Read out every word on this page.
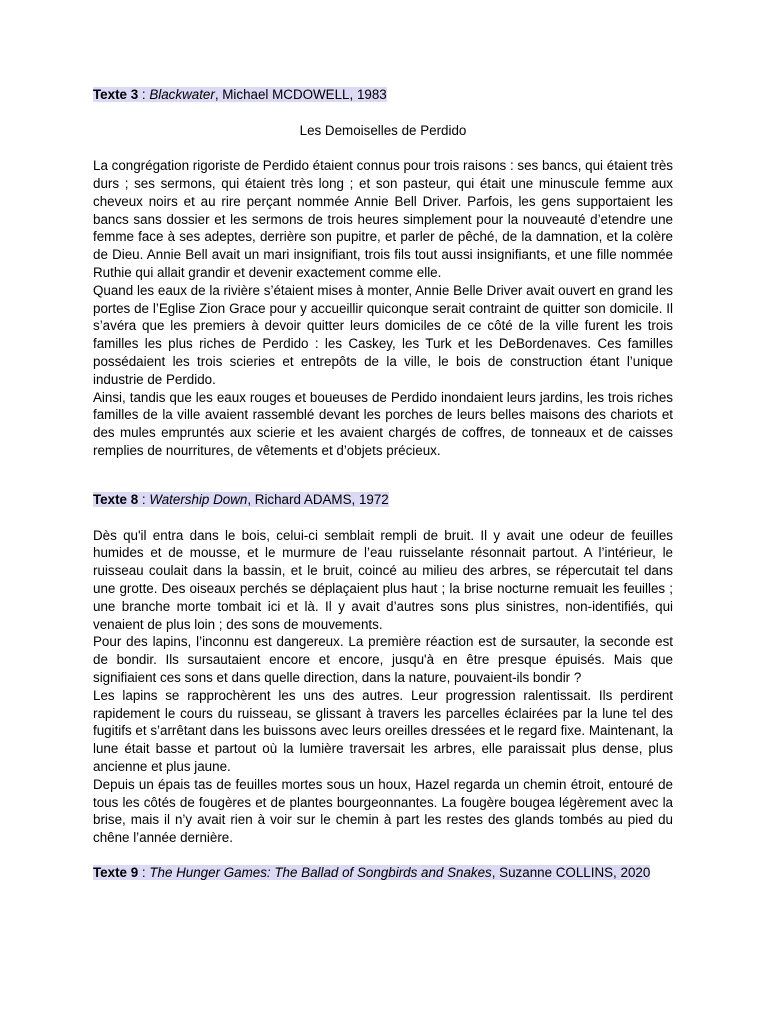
Texte 3 : Blackwater, Michael MCDOWELL, 1983

Les Demoiselles de Perdido

La congrégation rigoriste de Perdido étaient connus pour trois raisons : ses bancs, qui étaient très durs ; ses sermons, qui étaient très long ; et son pasteur, qui était une minuscule femme aux cheveux noirs et au rire perçant nommée Annie Bell Driver. Parfois, les gens supportaient les bancs sans dossier et les sermons de trois heures simplement pour la nouveauté d’etendre une femme face à ses adeptes, derrière son pupitre, et parler de pêché, de la damnation, et la colère de Dieu. Annie Bell avait un mari insignifiant, trois fils tout aussi insignifiants, et une fille nommée Ruthie qui allait grandir et devenir exactement comme elle.

Quand les eaux de la rivière s’étaient mises à monter, Annie Belle Driver avait ouvert en grand les portes de l’Eglise Zion Grace pour y accueillir quiconque serait contraint de quitter son domicile. Il s’avéra que les premiers à devoir quitter leurs domiciles de ce côté de la ville furent les trois familles les plus riches de Perdido : les Caskey, les Turk et les DeBordenaves. Ces familles possédaient les trois scieries et entrepôts de la ville, le bois de construction étant l’unique industrie de Perdido.

Ainsi, tandis que les eaux rouges et boueuses de Perdido inondaient leurs jardins, les trois riches familles de la ville avaient rassemblé devant les porches de leurs belles maisons des chariots et des mules empruntés aux scierie et les avaient chargés de coffres, de tonneaux et de caisses remplies de nourritures, de vêtements et d’objets précieux.

Texte 8 : Watership Down, Richard ADAMS, 1972

Dès qu'il entra dans le bois, celui-ci semblait rempli de bruit. Il y avait une odeur de feuilles humides et de mousse, et le murmure de l’eau ruisselante résonnait partout. A l’intérieur, le ruisseau coulait dans la bassin, et le bruit, coincé au milieu des arbres, se répercutait tel dans une grotte. Des oiseaux perchés se déplaçaient plus haut ; la brise nocturne remuait les feuilles ; une branche morte tombait ici et là. Il y avait d’autres sons plus sinistres, non-identifiés, qui venaient de plus loin ; des sons de mouvements.

Pour des lapins, l’inconnu est dangereux. La première réaction est de sursauter, la seconde est de bondir. Ils sursautaient encore et encore, jusqu'à en être presque épuisés. Mais que signifiaient ces sons et dans quelle direction, dans la nature, pouvaient-ils bondir ?

Les lapins se rapprochèrent les uns des autres. Leur progression ralentissait. Ils perdirent rapidement le cours du ruisseau, se glissant à travers les parcelles éclairées par la lune tel des fugitifs et s’arrêtant dans les buissons avec leurs oreilles dressées et le regard fixe. Maintenant, la lune était basse et partout où la lumière traversait les arbres, elle paraissait plus dense, plus ancienne et plus jaune.

Depuis un épais tas de feuilles mortes sous un houx, Hazel regarda un chemin étroit, entouré de tous les côtés de fougères et de plantes bourgeonnantes. La fougère bougea légèrement avec la brise, mais il n’y avait rien à voir sur le chemin à part les restes des glands tombés au pied du chêne l’année dernière.

Texte 9 : The Hunger Games: The Ballad of Songbirds and Snakes, Suzanne COLLINS, 2020
